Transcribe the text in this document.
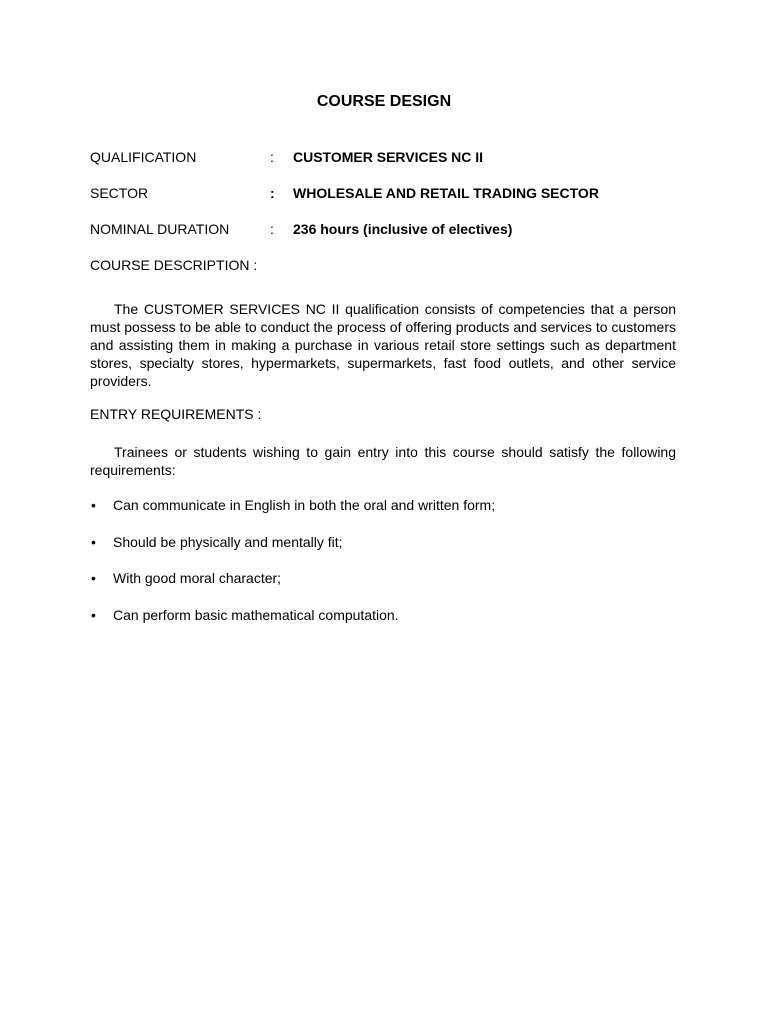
COURSE DESIGN
QUALIFICATION	: CUSTOMER SERVICES NC II
SECTOR	: WHOLESALE AND RETAIL TRADING SECTOR
NOMINAL DURATION	: 236 hours (inclusive of electives)
COURSE DESCRIPTION :

The CUSTOMER SERVICES NC II qualification consists of competencies that a person must possess to be able to conduct the process of offering products and services to customers and assisting them in making a purchase in various retail store settings such as department stores, specialty stores, hypermarkets, supermarkets, fast food outlets, and other service providers.

ENTRY REQUIREMENTS :

Trainees or students wishing to gain entry into this course should satisfy the following requirements:

• Can communicate in English in both the oral and written form;
• Should be physically and mentally fit;
• With good moral character;
• Can perform basic mathematical computation.
